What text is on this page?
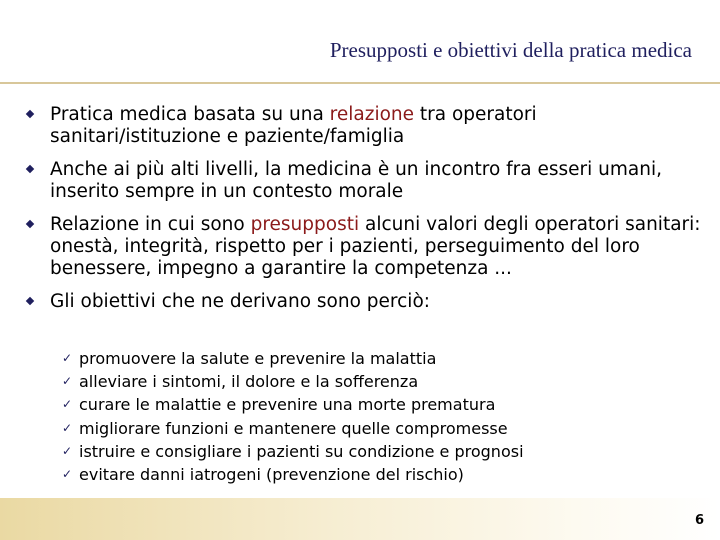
Presupposti e obiettivi della pratica medica
Pratica medica basata su una relazione tra operatori sanitari/istituzione e paziente/famiglia
Anche ai più alti livelli, la medicina è un incontro fra esseri umani, inserito sempre in un contesto morale
Relazione in cui sono presupposti alcuni valori degli operatori sanitari: onestà, integrità, rispetto per i pazienti, perseguimento del loro benessere, impegno a garantire la competenza ...
Gli obiettivi che ne derivano sono perciò:
✓ promuovere la salute e prevenire la malattia
✓ alleviare i sintomi, il dolore e la sofferenza
✓ curare le malattie e prevenire una morte prematura
✓ migliorare funzioni e mantenere quelle compromesse
✓ istruire e consigliare i pazienti su condizione e prognosi
✓ evitare danni iatrogeni (prevenzione del rischio)
6
